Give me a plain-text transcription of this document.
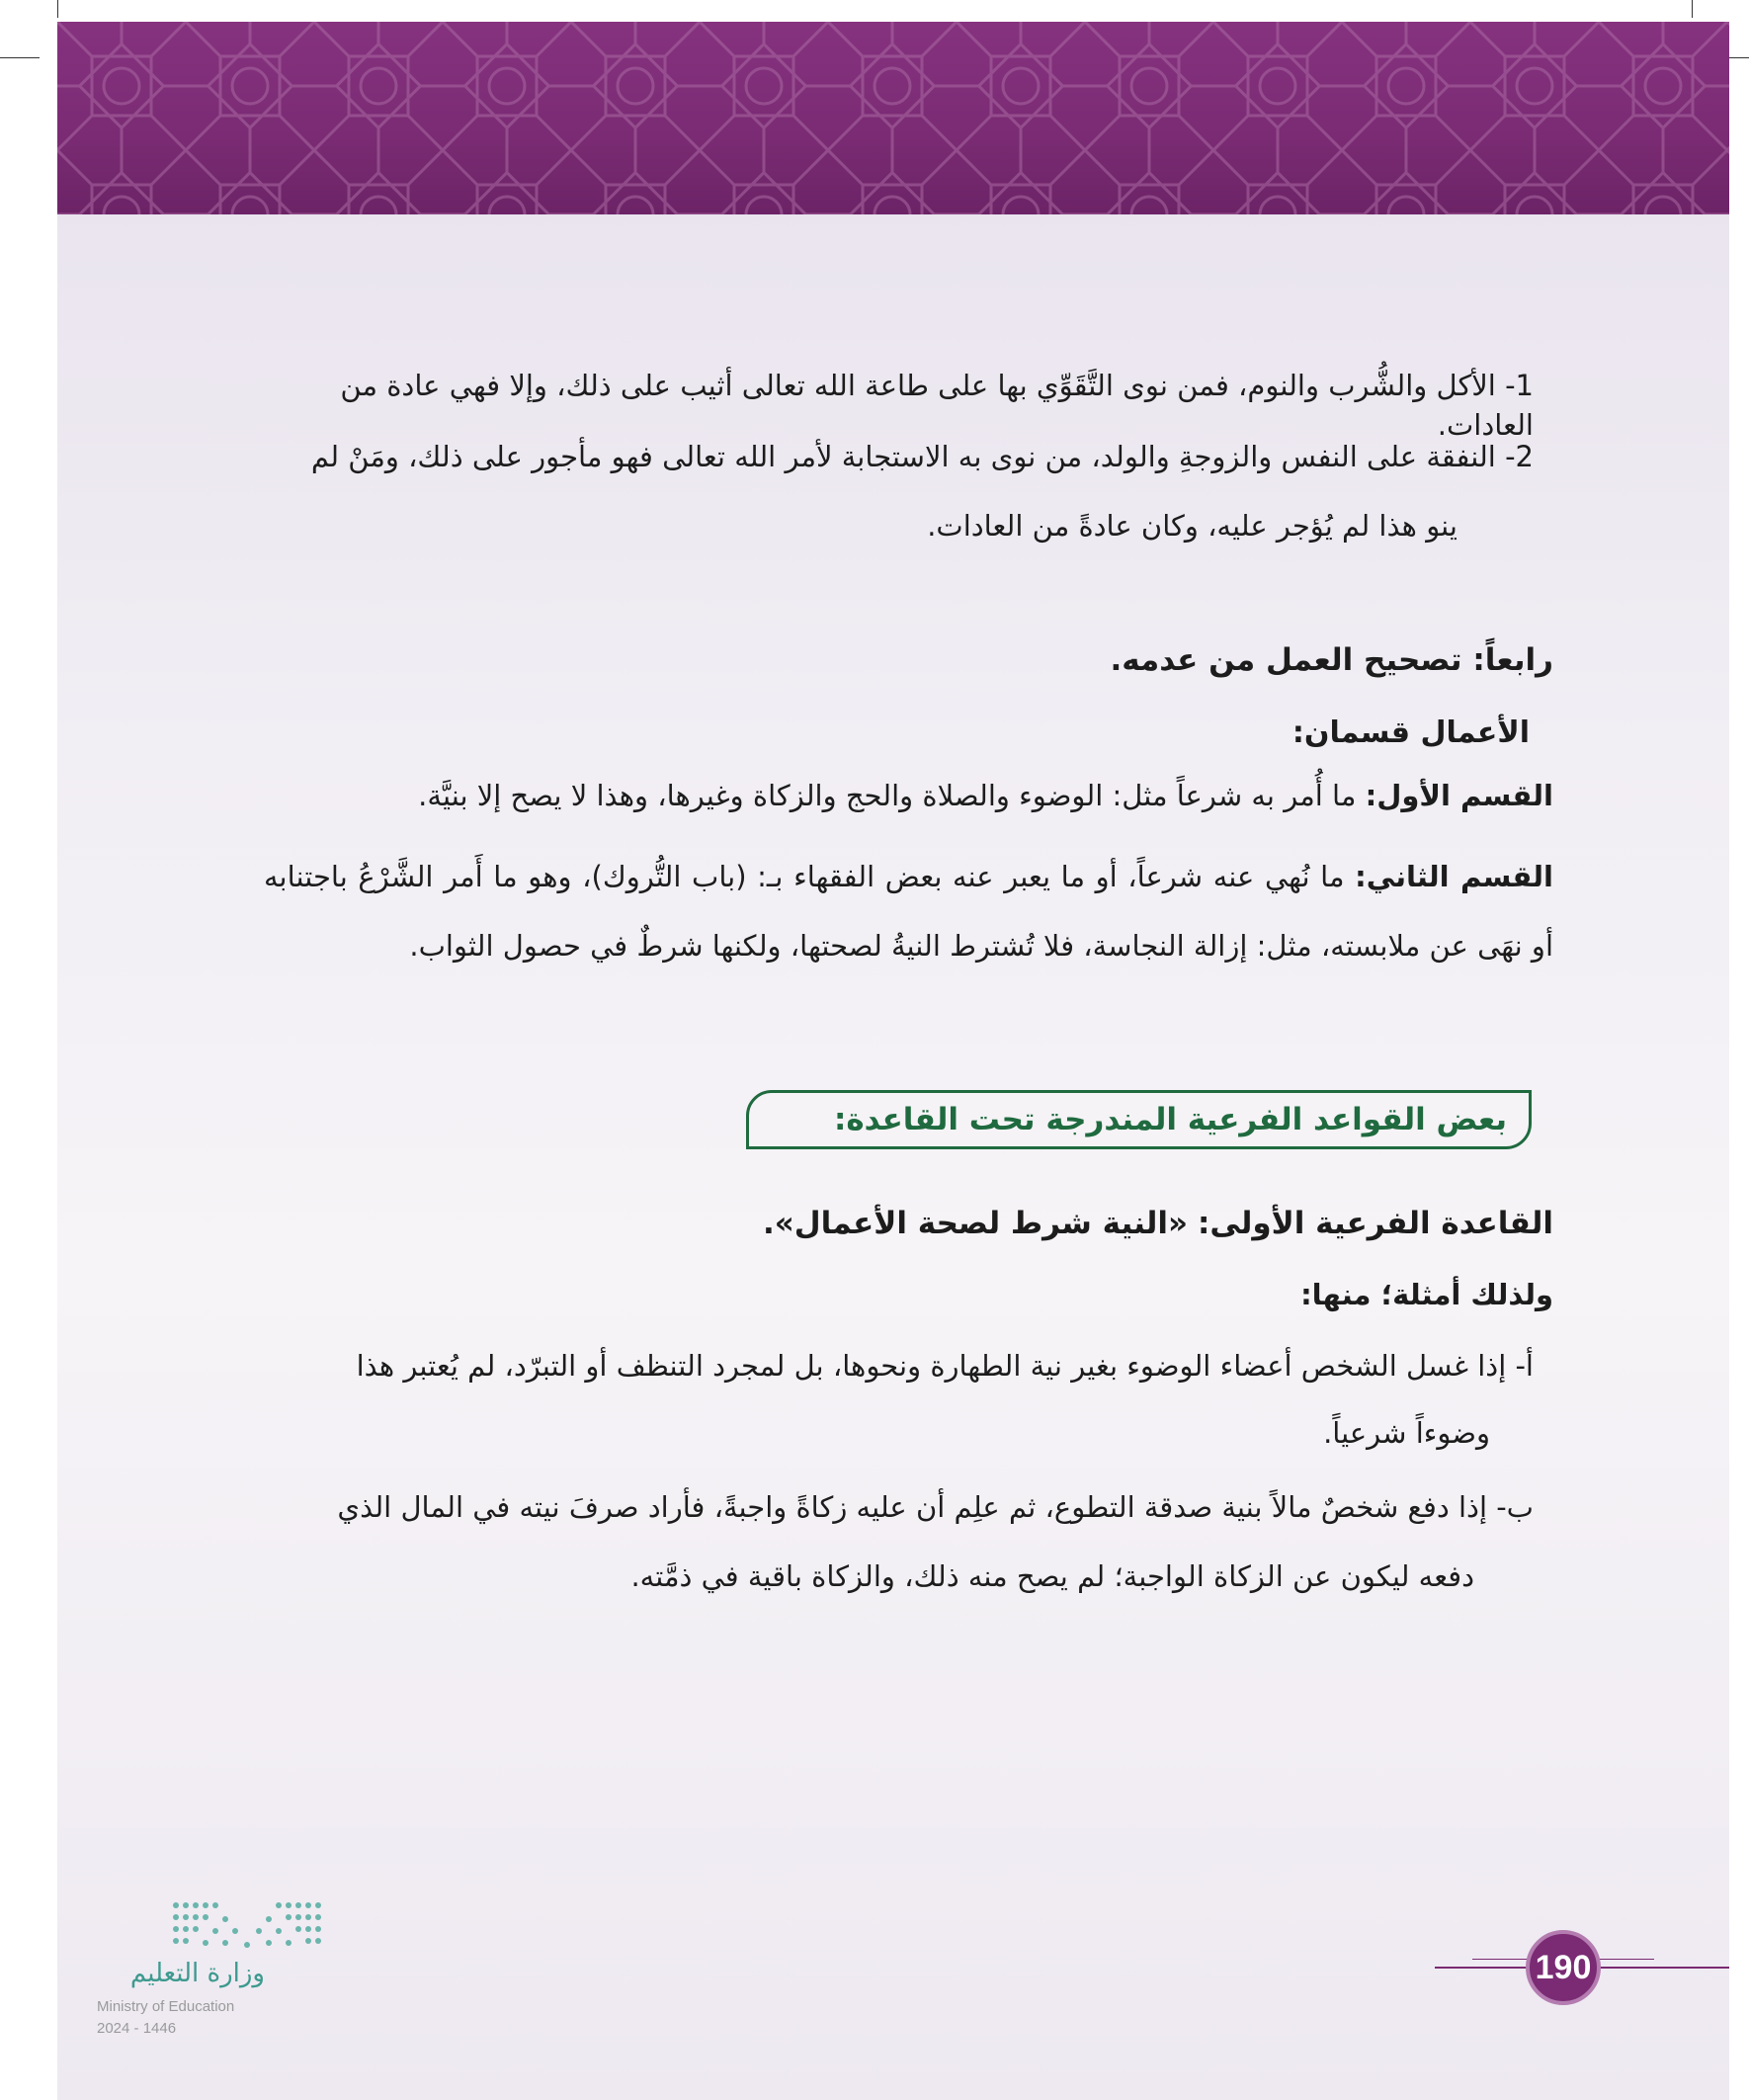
1- الأكل والشُّرب والنوم، فمن نوى التَّقَوِّي بها على طاعة الله تعالى أثيب على ذلك، وإلا فهي عادة من العادات.
2- النفقة على النفس والزوجةِ والولد، من نوى به الاستجابة لأمر الله تعالى فهو مأجور على ذلك، ومَنْ لم
ينو هذا لم يُؤجر عليه، وكان عادةً من العادات.
رابعاً: تصحيح العمل من عدمه.
الأعمال قسمان:
القسم الأول: ما أُمر به شرعاً مثل: الوضوء والصلاة والحج والزكاة وغيرها، وهذا لا يصح إلا بنيَّة.
القسم الثاني: ما نُهي عنه شرعاً، أو ما يعبر عنه بعض الفقهاء بـ: (باب التُّروك)، وهو ما أَمر الشَّرْعُ باجتنابه أو نهَى عن ملابسته، مثل: إزالة النجاسة، فلا تُشترط النيةُ لصحتها، ولكنها شرطٌ في حصول الثواب.
بعض القواعد الفرعية المندرجة تحت القاعدة:
القاعدة الفرعية الأولى: «النية شرط لصحة الأعمال».
ولذلك أمثلة؛ منها:
أ- إذا غسل الشخص أعضاء الوضوء بغير نية الطهارة ونحوها، بل لمجرد التنظف أو التبرّد، لم يُعتبر هذا
وضوءاً شرعياً.
ب- إذا دفع شخصٌ مالاً بنية صدقة التطوع، ثم علِم أن عليه زكاةً واجبةً، فأراد صرفَ نيته في المال الذي
دفعه ليكون عن الزكاة الواجبة؛ لم يصح منه ذلك، والزكاة باقية في ذمَّته.
وزارة التعليم
Ministry of Education
2024 - 1446
190
